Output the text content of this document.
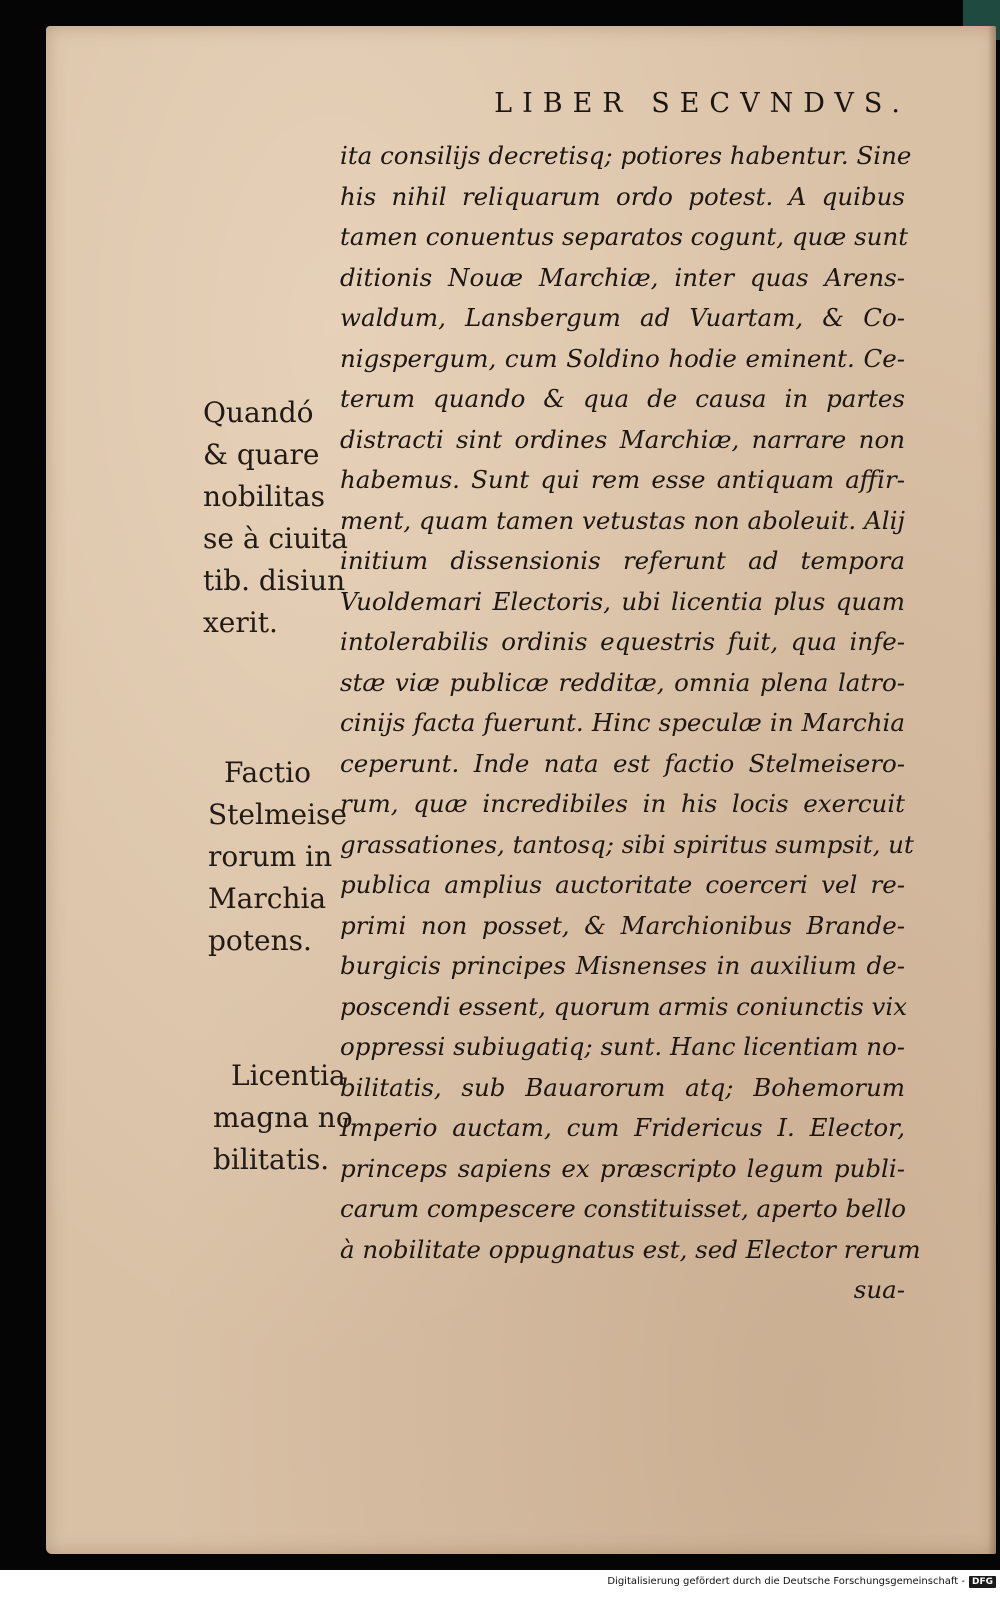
LIBER SECVNDVS.
ita consilijs decretisq; potiores habentur. Sine
his nihil reliquarum ordo potest. A quibus
tamen conuentus separatos cogunt, quæ sunt
ditionis Nouæ Marchiæ, inter quas Arens-
waldum, Lansbergum ad Vuartam, & Co-
nigspergum, cum Soldino hodie eminent. Ce-
terum quando & qua de causa in partes
distracti sint ordines Marchiæ, narrare non
habemus. Sunt qui rem esse antiquam affir-
ment, quam tamen vetustas non aboleuit. Alij
initium dissensionis referunt ad tempora
Vuoldemari Electoris, ubi licentia plus quam
intolerabilis ordinis equestris fuit, qua infe-
stæ viæ publicæ redditæ, omnia plena latro-
cinijs facta fuerunt. Hinc speculæ in Marchia
ceperunt. Inde nata est factio Stelmeisero-
rum, quæ incredibiles in his locis exercuit
grassationes, tantosq; sibi spiritus sumpsit, ut
publica amplius auctoritate coerceri vel re-
primi non posset, & Marchionibus Brande-
burgicis principes Misnenses in auxilium de-
poscendi essent, quorum armis coniunctis vix
oppressi subiugatiq; sunt. Hanc licentiam no-
bilitatis, sub Bauarorum atq; Bohemorum
Imperio auctam, cum Fridericus I. Elector,
princeps sapiens ex præscripto legum publi-
carum compescere constituisset, aperto bello
à nobilitate oppugnatus est, sed Elector rerum
sua-
Quandó
& quare
nobilitas
se à ciuita
tib. disiun
xerit.
Factio
Stelmeise
rorum in
Marchia
potens.
Licentia
magna no
bilitatis.
Digitalisierung gefördert durch die Deutsche Forschungsgemeinschaft - DFG
